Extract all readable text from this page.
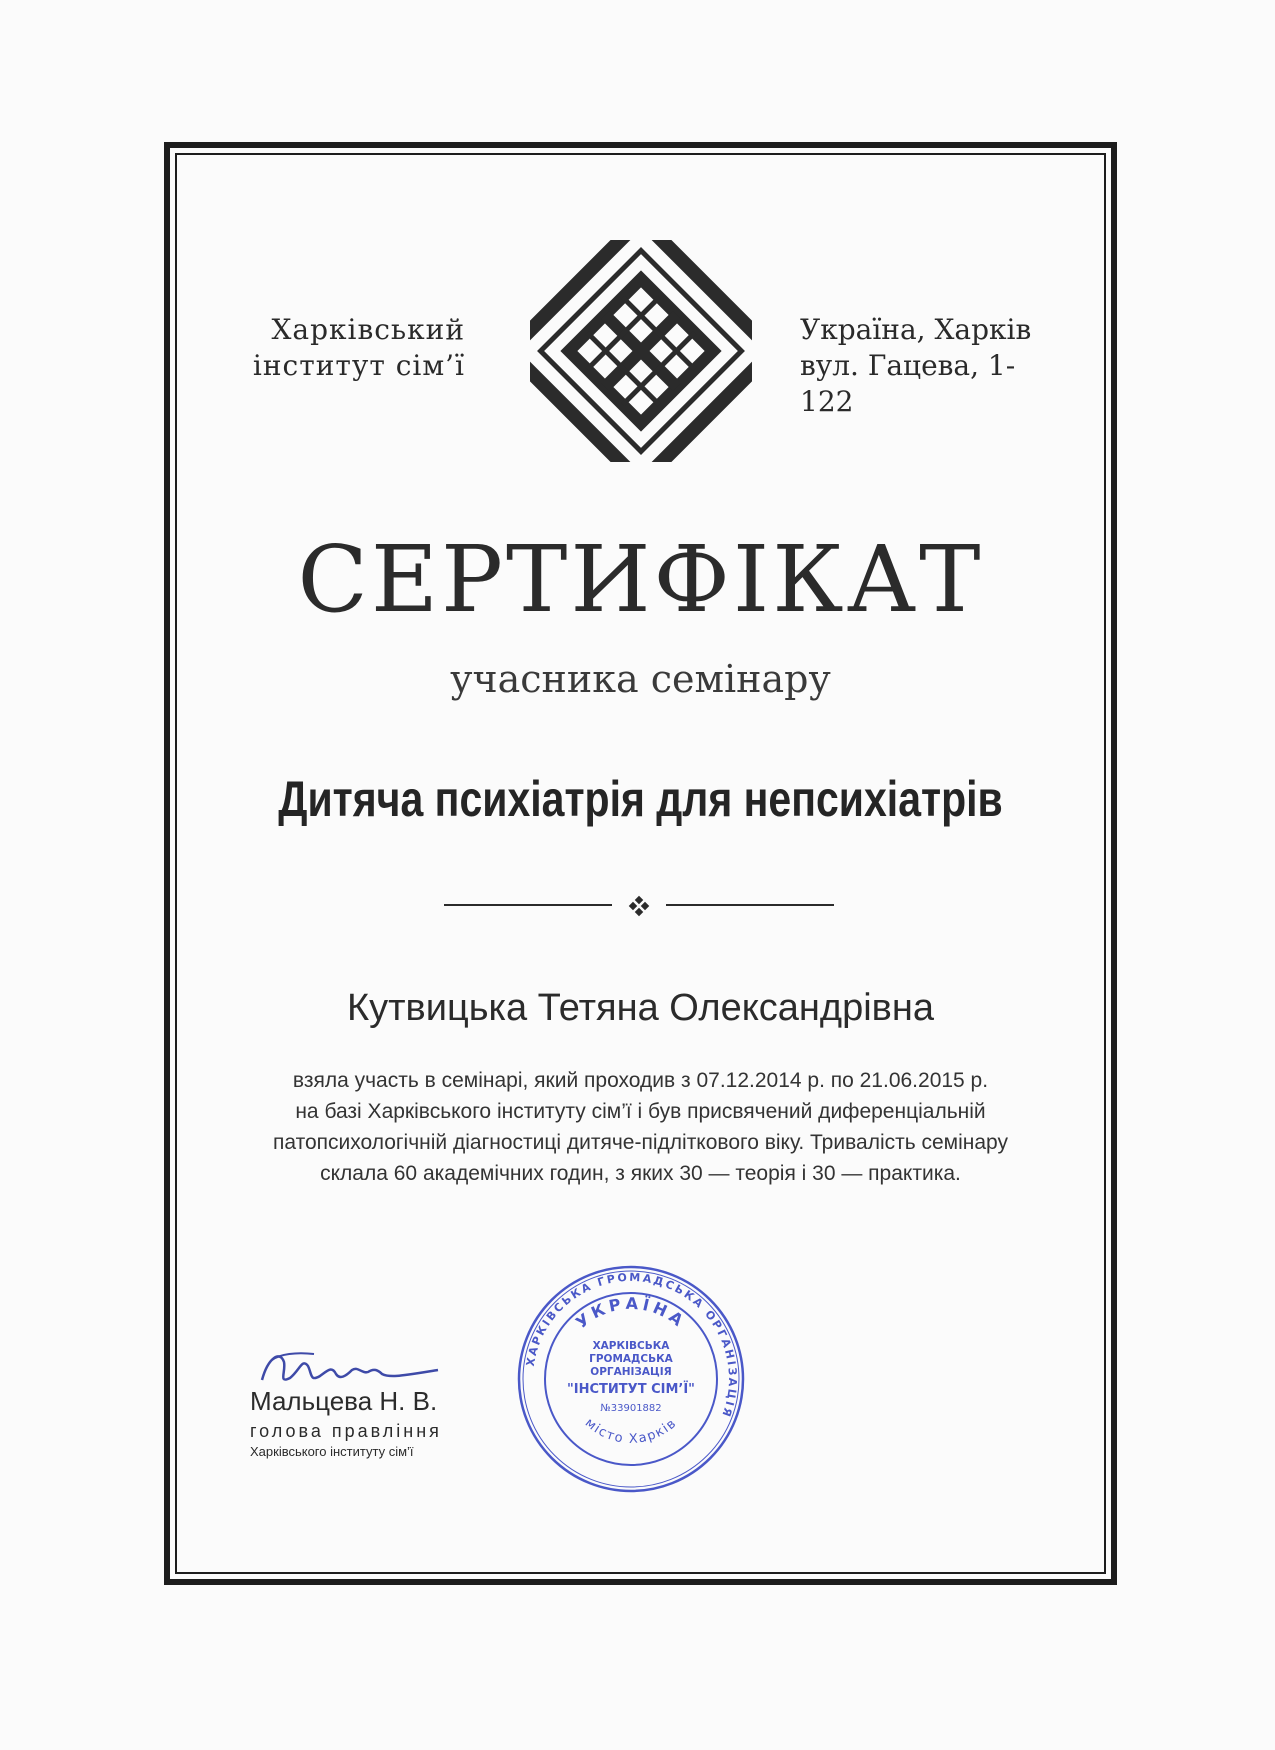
Харківський
інститут сім’ї
Україна, Харків
вул. Гацева, 1-122
СЕРТИФІКАТ
учасника семінару
Дитяча психіатрія для непсихіатрів
Кутвицька Тетяна Олександрівна
взяла участь в семінарі, який проходив з 07.12.2014 р. по 21.06.2015 р.
на базі Харківського інституту сім’ї і був присвячений диференціальній
патопсихологічній діагностиці дитяче-підліткового віку. Тривалість семінару
склала 60 академічних годин, з яких 30 — теорія і 30 — практика.
Мальцева Н. В.
голова правління
Харківського інституту сім’ї
ХАРКІВСЬКА ГРОМАДСЬКА ОРГАНІЗАЦІЯ
УКРАЇНА
місто Харків
ХАРКІВСЬКА
ГРОМАДСЬКА
ОРГАНІЗАЦІЯ
"ІНСТИТУТ СІМ’Ї"
№33901882
